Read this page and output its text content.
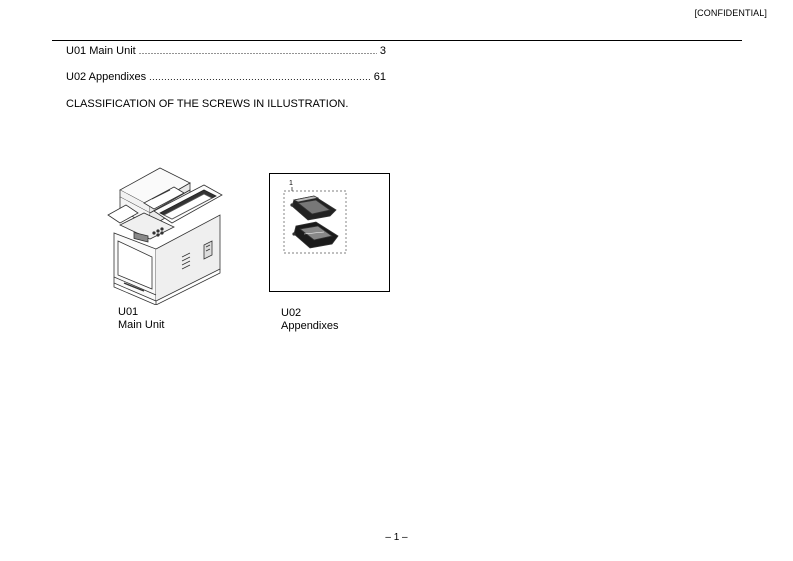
[CONFIDENTIAL]
U01 Main Unit .....	3
U02 Appendixes .....	61
CLASSIFICATION OF THE SCREWS IN ILLUSTRATION.
U01
Main Unit
1
U02
Appendixes
– 1 –
